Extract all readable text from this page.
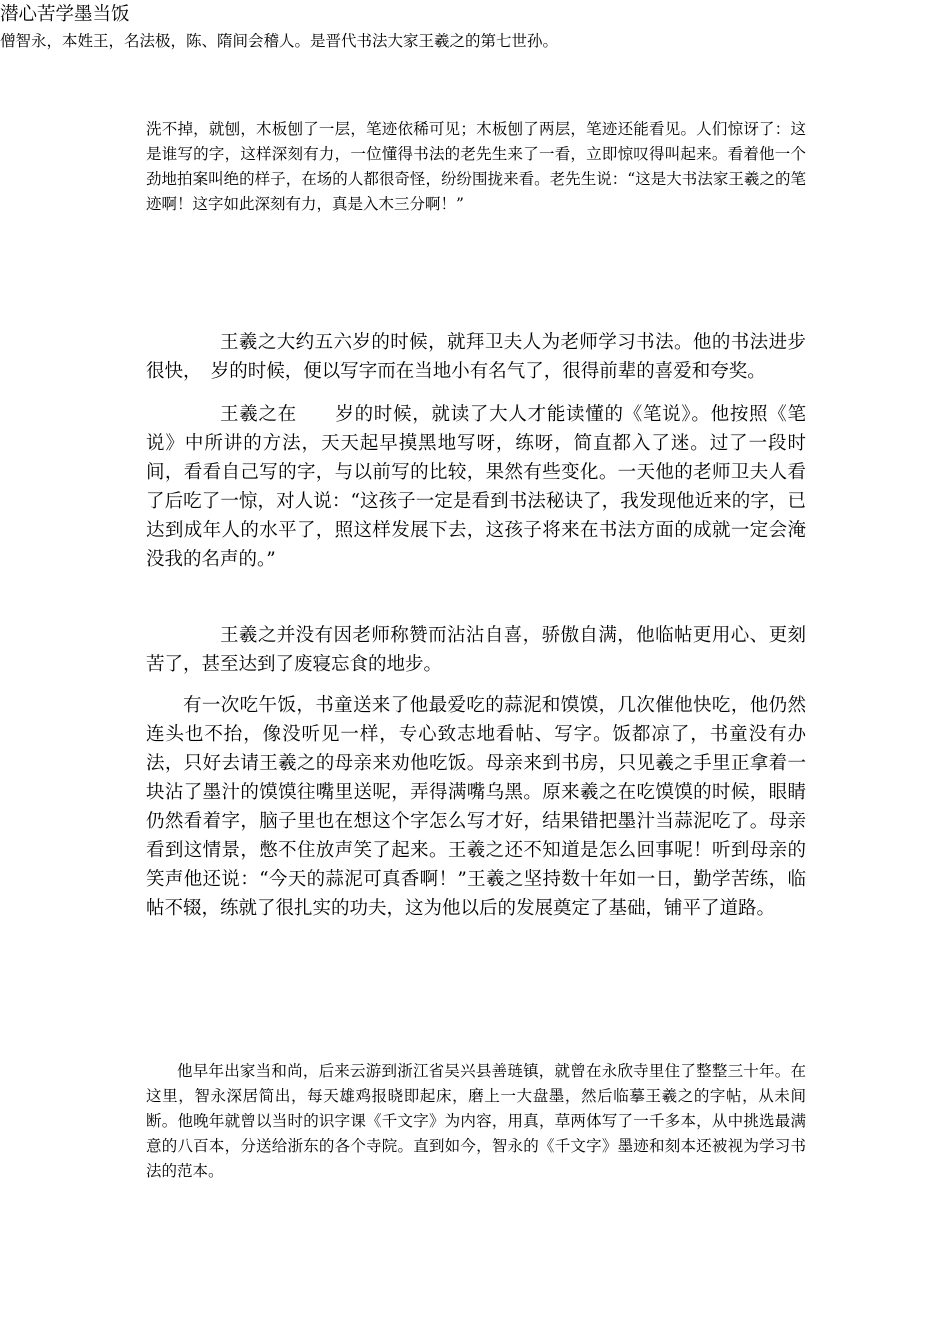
洗不掉，就刨，木板刨了一层，笔迹依稀可见；木板刨了两层，笔迹还能看见。人们惊讶了：这是谁写的字，这样深刻有力，一位懂得书法的老先生来了一看，立即惊叹得叫起来。看着他一个劲地拍案叫绝的样子，在场的人都很奇怪，纷纷围拢来看。老先生说：“这是大书法家王羲之的笔迹啊！这字如此深刻有力，真是入木三分啊！”

潜心苦学墨当饭

王羲之大约五六岁的时候，就拜卫夫人为老师学习书法。他的书法进步很快，　岁的时候，便以写字而在当地小有名气了，很得前辈的喜爱和夸奖。

王羲之在　　岁的时候，就读了大人才能读懂的《笔说》。他按照《笔说》中所讲的方法，天天起早摸黑地写呀，练呀，简直都入了迷。过了一段时间，看看自己写的字，与以前写的比较，果然有些变化。一天他的老师卫夫人看了后吃了一惊，对人说：“这孩子一定是看到书法秘诀了，我发现他近来的字，已达到成年人的水平了，照这样发展下去，这孩子将来在书法方面的成就一定会淹没我的名声的。”

王羲之并没有因老师称赞而沾沾自喜，骄傲自满，他临帖更用心、更刻苦了，甚至达到了废寝忘食的地步。

有一次吃午饭，书童送来了他最爱吃的蒜泥和馍馍，几次催他快吃，他仍然连头也不抬，像没听见一样，专心致志地看帖、写字。饭都凉了，书童没有办法，只好去请王羲之的母亲来劝他吃饭。母亲来到书房，只见羲之手里正拿着一块沾了墨汁的馍馍往嘴里送呢，弄得满嘴乌黑。原来羲之在吃馍馍的时候，眼睛仍然看着字，脑子里也在想这个字怎么写才好，结果错把墨汁当蒜泥吃了。母亲看到这情景，憋不住放声笑了起来。王羲之还不知道是怎么回事呢！听到母亲的笑声他还说：“今天的蒜泥可真香啊！”王羲之坚持数十年如一日，勤学苦练，临帖不辍，练就了很扎实的功夫，这为他以后的发展奠定了基础，铺平了道路。

僧智永，本姓王，名法极，陈、隋间会稽人。是晋代书法大家王羲之的第七世孙。

他早年出家当和尚，后来云游到浙江省吴兴县善琏镇，就曾在永欣寺里住了整整三十年。在这里，智永深居简出，每天雄鸡报晓即起床，磨上一大盘墨，然后临摹王羲之的字帖，从未间断。他晚年就曾以当时的识字课《千文字》为内容，用真，草两体写了一千多本，从中挑选最满意的八百本，分送给浙东的各个寺院。直到如今，智永的《千文字》墨迹和刻本还被视为学习书法的范本。
